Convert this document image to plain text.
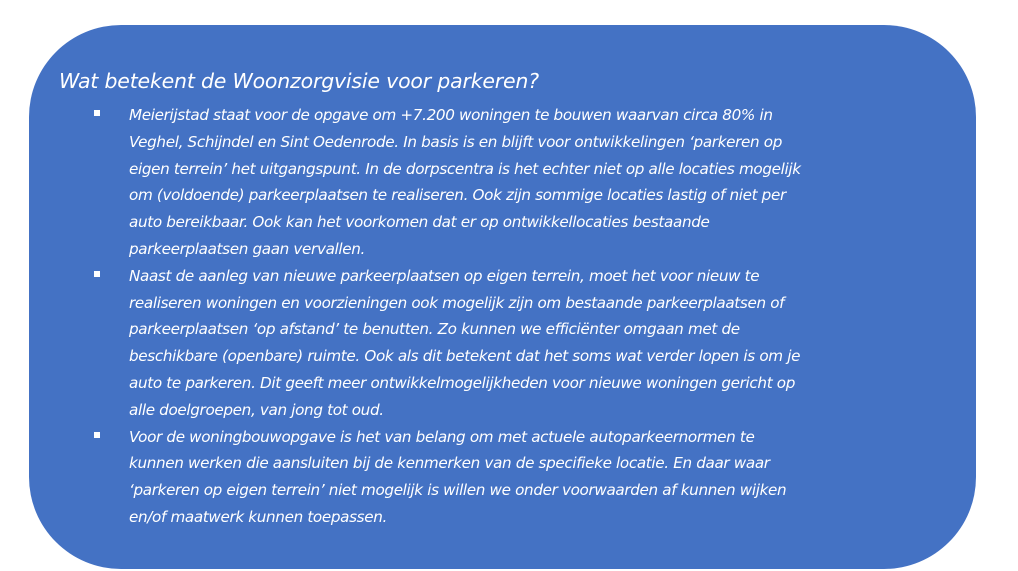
Wat betekent de Woonzorgvisie voor parkeren?
Meierijstad staat voor de opgave om +7.200 woningen te bouwen waarvan circa 80% in
Veghel, Schijndel en Sint Oedenrode. In basis is en blijft voor ontwikkelingen ‘parkeren op
eigen terrein’ het uitgangspunt. In de dorpscentra is het echter niet op alle locaties mogelijk
om (voldoende) parkeerplaatsen te realiseren. Ook zijn sommige locaties lastig of niet per
auto bereikbaar. Ook kan het voorkomen dat er op ontwikkellocaties bestaande
parkeerplaatsen gaan vervallen.
Naast de aanleg van nieuwe parkeerplaatsen op eigen terrein, moet het voor nieuw te
realiseren woningen en voorzieningen ook mogelijk zijn om bestaande parkeerplaatsen of
parkeerplaatsen ‘op afstand’ te benutten. Zo kunnen we efficiënter omgaan met de
beschikbare (openbare) ruimte. Ook als dit betekent dat het soms wat verder lopen is om je
auto te parkeren. Dit geeft meer ontwikkelmogelijkheden voor nieuwe woningen gericht op
alle doelgroepen, van jong tot oud.
Voor de woningbouwopgave is het van belang om met actuele autoparkeernormen te
kunnen werken die aansluiten bij de kenmerken van de specifieke locatie. En daar waar
‘parkeren op eigen terrein’ niet mogelijk is willen we onder voorwaarden af kunnen wijken
en/of maatwerk kunnen toepassen.
